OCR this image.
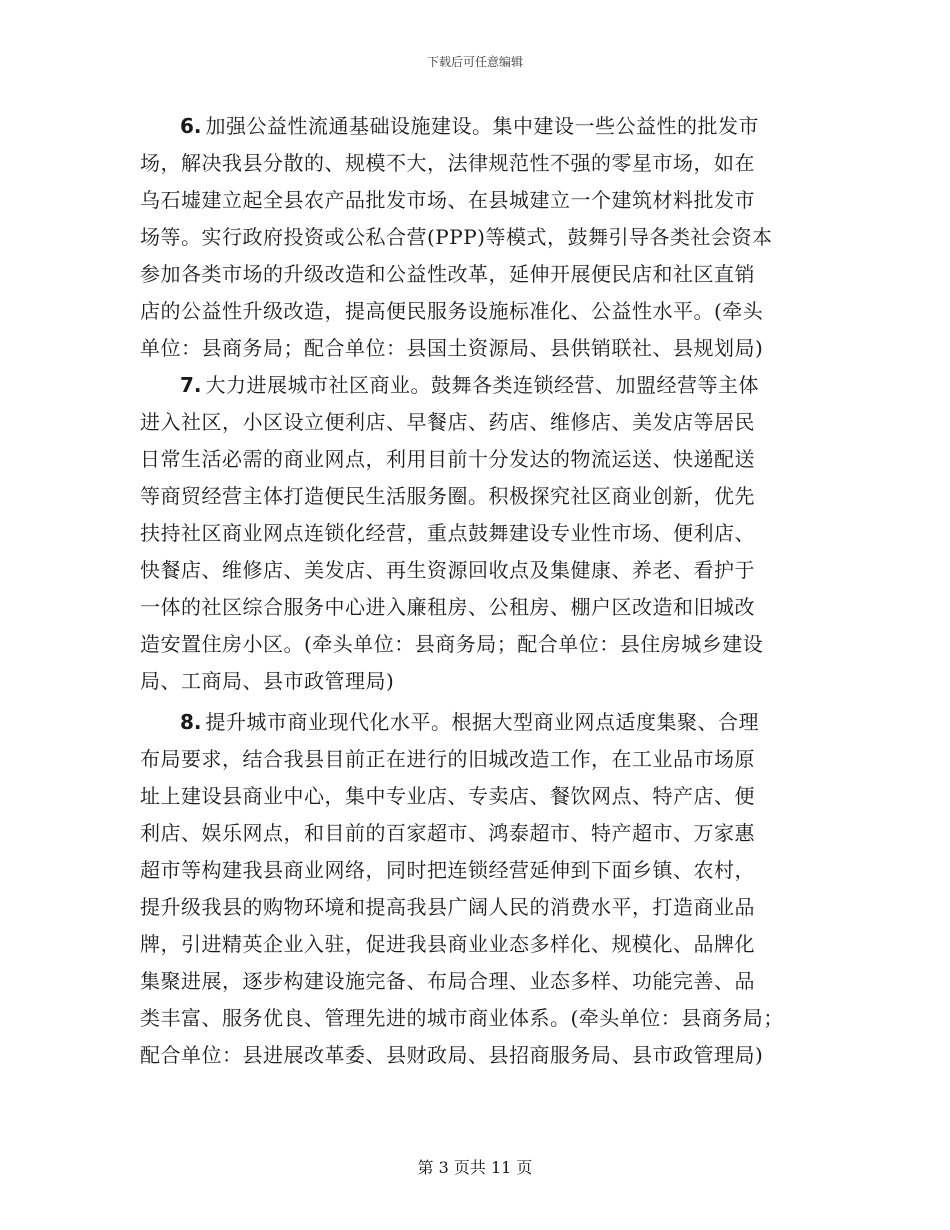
下载后可任意编辑
6. 加强公益性流通基础设施建设。集中建设一些公益性的批发市
场，解决我县分散的、规模不大，法律规范性不强的零星市场，如在
乌石墟建立起全县农产品批发市场、在县城建立一个建筑材料批发市
场等。实行政府投资或公私合营(PPP)等模式，鼓舞引导各类社会资本
参加各类市场的升级改造和公益性改革，延伸开展便民店和社区直销
店的公益性升级改造，提高便民服务设施标准化、公益性水平。(牵头
单位：县商务局；配合单位：县国土资源局、县供销联社、县规划局)
7. 大力进展城市社区商业。鼓舞各类连锁经营、加盟经营等主体
进入社区，小区设立便利店、早餐店、药店、维修店、美发店等居民
日常生活必需的商业网点，利用目前十分发达的物流运送、快递配送
等商贸经营主体打造便民生活服务圈。积极探究社区商业创新，优先
扶持社区商业网点连锁化经营，重点鼓舞建设专业性市场、便利店、
快餐店、维修店、美发店、再生资源回收点及集健康、养老、看护于
一体的社区综合服务中心进入廉租房、公租房、棚户区改造和旧城改
造安置住房小区。(牵头单位：县商务局；配合单位：县住房城乡建设
局、工商局、县市政管理局)
8. 提升城市商业现代化水平。根据大型商业网点适度集聚、合理
布局要求，结合我县目前正在进行的旧城改造工作，在工业品市场原
址上建设县商业中心，集中专业店、专卖店、餐饮网点、特产店、便
利店、娱乐网点，和目前的百家超市、鸿泰超市、特产超市、万家惠
超市等构建我县商业网络，同时把连锁经营延伸到下面乡镇、农村，
提升级我县的购物环境和提高我县广阔人民的消费水平，打造商业品
牌，引进精英企业入驻，促进我县商业业态多样化、规模化、品牌化
集聚进展，逐步构建设施完备、布局合理、业态多样、功能完善、品
类丰富、服务优良、管理先进的城市商业体系。(牵头单位：县商务局；
配合单位：县进展改革委、县财政局、县招商服务局、县市政管理局)
第 3 页共 11 页
